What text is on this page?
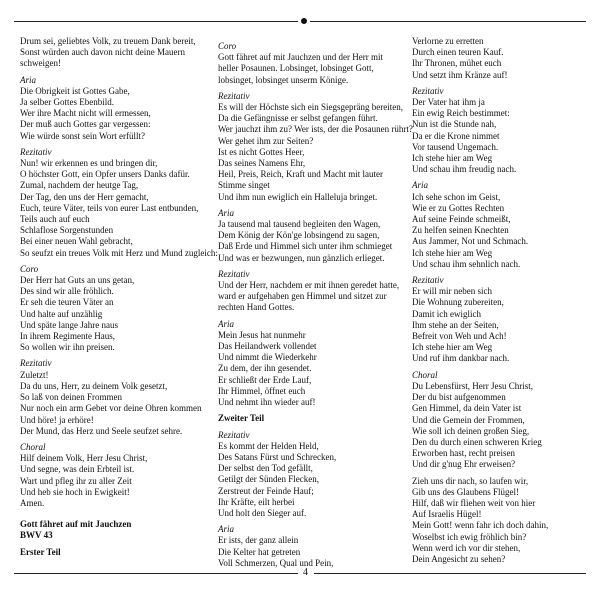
Drum sei, geliebtes Volk, zu treuem Dank bereit,
Sonst würden auch davon nicht deine Mauern
schweigen!
Aria
Die Obrigkeit ist Gottes Gabe,
Ja selber Gottes Ebenbild.
Wer ihre Macht nicht will ermessen,
Der muß auch Gottes gar vergessen:
Wie würde sonst sein Wort erfüllt?
Rezitativ
Nun! wir erkennen es und bringen dir,
O höchster Gott, ein Opfer unsers Danks dafür.
Zumal, nachdem der heutge Tag,
Der Tag, den uns der Herr gemacht,
Euch, teure Väter, teils von eurer Last entbunden,
Teils auch auf euch
Schlaflose Sorgenstunden
Bei einer neuen Wahl gebracht,
So seufzt ein treues Volk mit Herz und Mund zugleich:
Coro
Der Herr hat Guts an uns getan,
Des sind wir alle fröhlich.
Er seh die teuren Väter an
Und halte auf unzählig
Und späte lange Jahre naus
In ihrem Regimente Haus,
So wollen wir ihn preisen.
Rezitativ
Zuletzt!
Da du uns, Herr, zu deinem Volk gesetzt,
So laß von deinen Frommen
Nur noch ein arm Gebet vor deine Ohren kommen
Und höre! ja erhöre!
Der Mund, das Herz und Seele seufzet sehre.
Choral
Hilf deinem Volk, Herr Jesu Christ,
Und segne, was dein Erbteil ist.
Wart und pfleg ihr zu aller Zeit
Und heb sie hoch in Ewigkeit!
Amen.
Gott fähret auf mit Jauchzen
BWV 43
Erster Teil
Coro
Gott fähret auf mit Jauchzen und der Herr mit
heller Posaunen. Lobsinget, lobsinget Gott,
lobsinget, lobsinget unserm Könige.
Rezitativ
Es will der Höchste sich ein Siegsgepräng bereiten,
Da die Gefängnisse er selbst gefangen führt.
Wer jauchzt ihm zu? Wer ists, der die Posaunen rührt?
Wer gehet ihm zur Seiten?
Ist es nicht Gottes Heer,
Das seines Namens Ehr,
Heil, Preis, Reich, Kraft und Macht mit lauter
Stimme singet
Und ihm nun ewiglich ein Halleluja bringet.
Aria
Ja tausend mal tausend begleiten den Wagen,
Dem König der Kön'ge lobsingend zu sagen,
Daß Erde und Himmel sich unter ihm schmieget
Und was er bezwungen, nun gänzlich erlieget.
Rezitativ
Und der Herr, nachdem er mit ihnen geredet hatte,
ward er aufgehaben gen Himmel und sitzet zur
rechten Hand Gottes.
Aria
Mein Jesus hat nunmehr
Das Heilandwerk vollendet
Und nimmt die Wiederkehr
Zu dem, der ihn gesendet.
Er schließt der Erde Lauf,
Ihr Himmel, öffnet euch
Und nehmt ihn wieder auf!
Zweiter Teil
Rezitativ
Es kommt der Helden Held,
Des Satans Fürst und Schrecken,
Der selbst den Tod gefällt,
Getilgt der Sünden Flecken,
Zerstreut der Feinde Hauf;
Ihr Kräfte, eilt herbei
Und holt den Sieger auf.
Aria
Er ists, der ganz allein
Die Kelter hat getreten
Voll Schmerzen, Qual und Pein,
Verlorne zu erretten
Durch einen teuren Kauf.
Ihr Thronen, mühet euch
Und setzt ihm Kränze auf!
Rezitativ
Der Vater hat ihm ja
Ein ewig Reich bestimmet:
Nun ist die Stunde nah,
Da er die Krone nimmet
Vor tausend Ungemach.
Ich stehe hier am Weg
Und schau ihm freudig nach.
Aria
Ich sehe schon im Geist,
Wie er zu Gottes Rechten
Auf seine Feinde schmeißt,
Zu helfen seinen Knechten
Aus Jammer, Not und Schmach.
Ich stehe hier am Weg
Und schau ihm sehnlich nach.
Rezitativ
Er will mir neben sich
Die Wohnung zubereiten,
Damit ich ewiglich
Ihm stehe an der Seiten,
Befreit von Weh und Ach!
Ich stehe hier am Weg
Und ruf ihm dankbar nach.
Choral
Du Lebensfürst, Herr Jesu Christ,
Der du bist aufgenommen
Gen Himmel, da dein Vater ist
Und die Gemein der Frommen,
Wie soll ich deinen großen Sieg,
Den du durch einen schweren Krieg
Erworben hast, recht preisen
Und dir g'nug Ehr erweisen?
Zieh uns dir nach, so laufen wir,
Gib uns des Glaubens Flügel!
Hilf, daß wir fliehen weit von hier
Auf Israelis Hügel!
Mein Gott! wenn fahr ich doch dahin,
Woselbst ich ewig fröhlich bin?
Wenn werd ich vor dir stehen,
Dein Angesicht zu sehen?
4
